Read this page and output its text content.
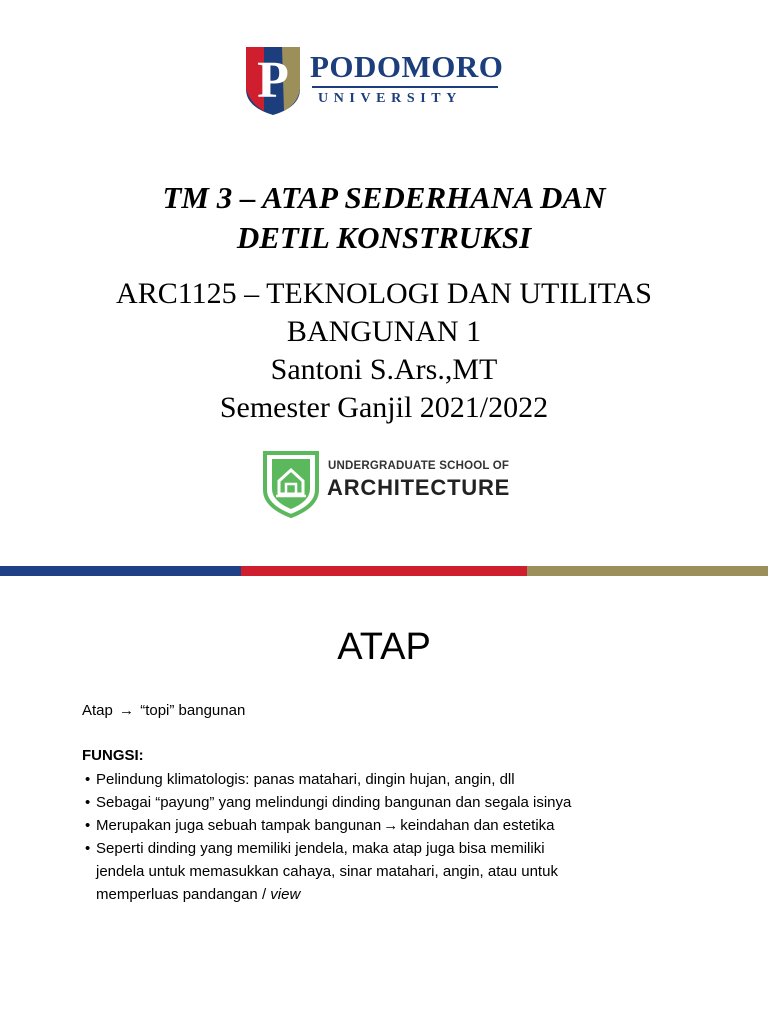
P PODOMORO
UNIVERSITY
TM 3 – ATAP SEDERHANA DAN
DETIL KONSTRUKSI
ARC1125 – TEKNOLOGI DAN UTILITAS
BANGUNAN 1
Santoni S.Ars.,MT
Semester Ganjil 2021/2022
UNDERGRADUATE SCHOOL OF
ARCHITECTURE
ATAP
Atap → “topi” bangunan
FUNGSI:
• Pelindung klimatologis: panas matahari, dingin hujan, angin, dll
• Sebagai “payung” yang melindungi dinding bangunan dan segala isinya
• Merupakan juga sebuah tampak bangunan → keindahan dan estetika
• Seperti dinding yang memiliki jendela, maka atap juga bisa memiliki
jendela untuk memasukkan cahaya, sinar matahari, angin, atau untuk
memperluas pandangan / view
